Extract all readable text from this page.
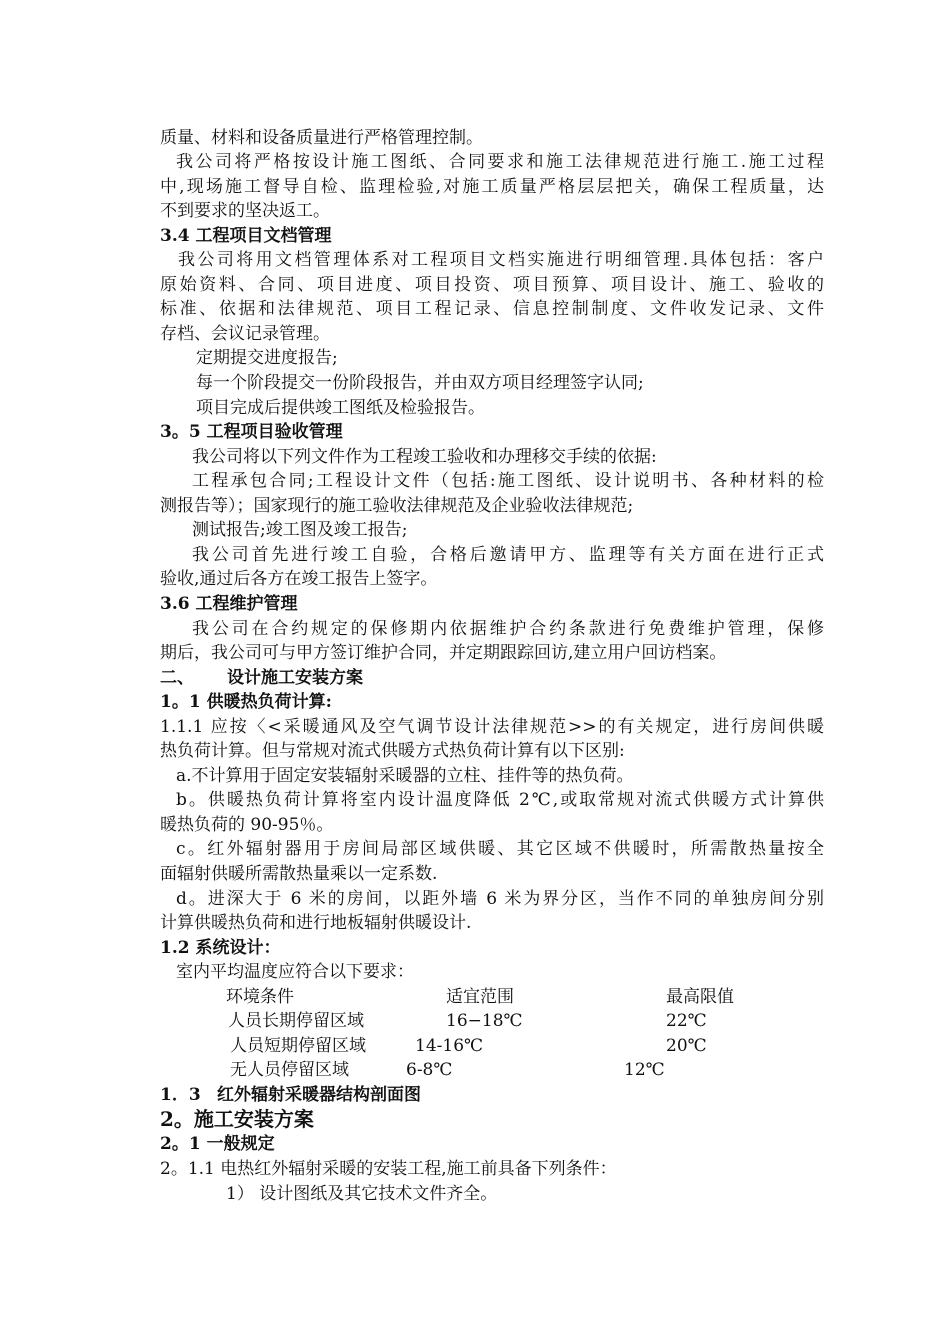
质量、材料和设备质量进行严格管理控制。
我公司将严格按设计施工图纸、合同要求和施工法律规范进行施工.施工过程
中,现场施工督导自检、监理检验,对施工质量严格层层把关，确保工程质量，达
不到要求的坚决返工。
3.4 工程项目文档管理
我公司将用文档管理体系对工程项目文档实施进行明细管理.具体包括：客户
原始资料、合同、项目进度、项目投资、项目预算、项目设计、施工、验收的
标准、依据和法律规范、项目工程记录、信息控制制度、文件收发记录、文件
存档、会议记录管理。
定期提交进度报告;
每一个阶段提交一份阶段报告，并由双方项目经理签字认同;
项目完成后提供竣工图纸及检验报告。
3。5 工程项目验收管理
我公司将以下列文件作为工程竣工验收和办理移交手续的依据:
工程承包合同;工程设计文件（包括:施工图纸、设计说明书、各种材料的检
测报告等）；国家现行的施工验收法律规范及企业验收法律规范;
测试报告;竣工图及竣工报告;
我公司首先进行竣工自验，合格后邀请甲方、监理等有关方面在进行正式
验收,通过后各方在竣工报告上签字。
3.6 工程维护管理
我公司在合约规定的保修期内依据维护合约条款进行免费维护管理，保修
期后，我公司可与甲方签订维护合同，并定期跟踪回访,建立用户回访档案。
二、 设计施工安装方案
1。1 供暖热负荷计算:
1.1.1 应按〈<采暖通风及空气调节设计法律规范>>的有关规定，进行房间供暖
热负荷计算。但与常规对流式供暖方式热负荷计算有以下区别:
a.不计算用于固定安装辐射采暖器的立柱、挂件等的热负荷。
b。供暖热负荷计算将室内设计温度降低 2℃,或取常规对流式供暖方式计算供
暖热负荷的 90-95％。
c。红外辐射器用于房间局部区域供暖、其它区域不供暖时，所需散热量按全
面辐射供暖所需散热量乘以一定系数.
d。进深大于 6 米的房间，以距外墙 6 米为界分区，当作不同的单独房间分别
计算供暖热负荷和进行地板辐射供暖设计.
1.2 系统设计：
室内平均温度应符合以下要求：
环境条件	适宜范围	最高限值
人员长期停留区域	16−18℃	22℃
人员短期停留区域	14-16℃	20℃
无人员停留区域	6-8℃	12℃
1．3 红外辐射采暖器结构剖面图
2。施工安装方案
2。1 一般规定
2。1.1 电热红外辐射采暖的安装工程,施工前具备下列条件：
1） 设计图纸及其它技术文件齐全。
